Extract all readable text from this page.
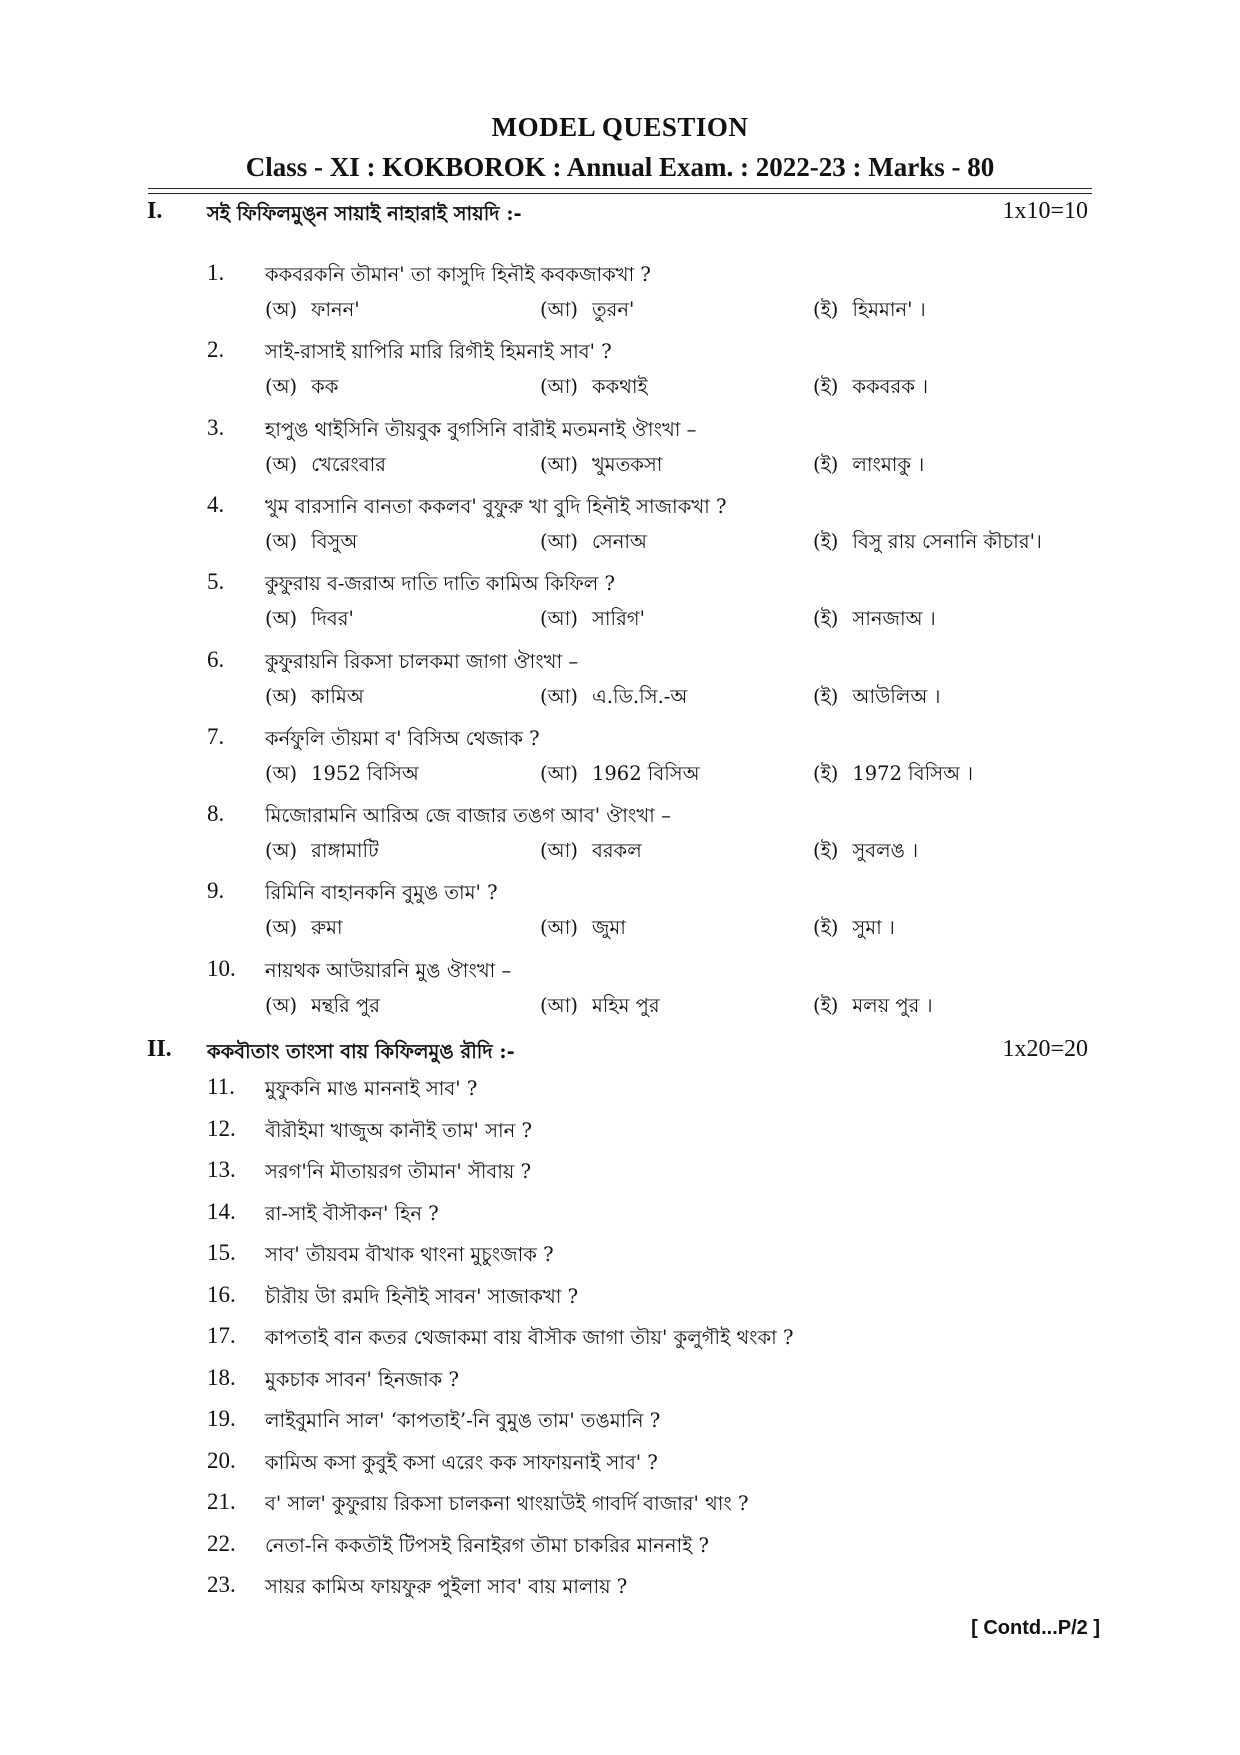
MODEL QUESTION
Class - XI : KOKBOROK : Annual Exam. : 2022-23 : Marks - 80
I. সই ফিফিলমুঙ্ন সায়াই নাহারাই সায়দি :-	1x10=10
1.	ককবরকনি তৗমান' তা কাসুদি হিনৗই কবকজাকখা ?
(অ) ফানন'	(আ) তুরন'	(ই) হিমমান' ।
2.	সাই-রাসাই য়াপিরি মারি রিগৗই হিমনাই সাব' ?
(অ) কক	(আ) ককথাই	(ই) ককবরক ।
3.	হাপুঙ থাইসিনি তৗয়বুক বুগসিনি বারৗই মতমনাই ঔাংখা –
(অ) খেরেংবার	(আ) খুমতকসা	(ই) লাংমাকু ।
4.	খুম বারসানি বানতা ককলব' বুফুরু খা বুদি হিনৗই সাজাকখা ?
(অ) বিসুঅ	(আ) সেনাঅ	(ই) বিসু রায় সেনানি কৗচার'।
5.	কুফুরায় ব-জরাঅ দাতি দাতি কামিঅ কিফিল ?
(অ) দিবর'	(আ) সারিগ'	(ই) সানজাঅ ।
6.	কুফুরায়নি রিকসা চালকমা জাগা ঔাংখা –
(অ) কামিঅ	(আ) এ.ডি.সি.-অ	(ই) আউলিঅ ।
7.	কর্নফুলি তৗয়মা ব' বিসিঅ থেজাক ?
(অ) 1952 বিসিঅ	(আ) 1962 বিসিঅ	(ই) 1972 বিসিঅ ।
8.	মিজোরামনি আরিঅ জে বাজার তঙগ আব' ঔাংখা –
(অ) রাঙ্গামাটি	(আ) বরকল	(ই) সুবলঙ ।
9.	রিমিনি বাহানকনি বুমুঙ তাম' ?
(অ) রুমা	(আ) জুমা	(ই) সুমা ।
10.	নায়থক আউয়ারনি মুঙ ঔাংখা –
(অ) মন্থরি পুর	(আ) মহিম পুর	(ই) মলয় পুর ।
II. ককবৗতাং তাংসা বায় কিফিলমুঙ রৗদি :-	1x20=20
11.	মুফুকনি মাঙ মাননাই সাব' ?
12.	বৗরৗইমা খাজুঅ কানৗই তাম' সান ?
13.	সরগ'নি মৗতায়রগ তৗমান' সৗবায় ?
14.	রা-সাই বৗসৗকন' হিন ?
15.	সাব' তৗয়বম বৗখাক থাংনা মুচুংজাক ?
16.	চৗরৗয় উা রমদি হিনৗই সাবন' সাজাকখা ?
17.	কাপতাই বান কতর থেজাকমা বায় বৗসৗক জাগা তৗয়' কুলুগৗই থংকা ?
18.	মুকচাক সাবন' হিনজাক ?
19.	লাইবুমানি সাল' ‘কাপতাই’-নি বুমুঙ তাম' তঙমানি ?
20.	কামিঅ কসা কুবুই কসা এরেং কক সাফায়নাই সাব' ?
21.	ব' সাল' কুফুরায় রিকসা চালকনা থাংয়াউই গাবর্দি বাজার' থাং ?
22.	নেতা-নি ককতৗই টিপসই রিনাইরগ তৗমা চাকরির মাননাই ?
23.	সায়র কামিঅ ফায়ফুরু পুইলা সাব' বায় মালায় ?
[ Contd...P/2 ]
